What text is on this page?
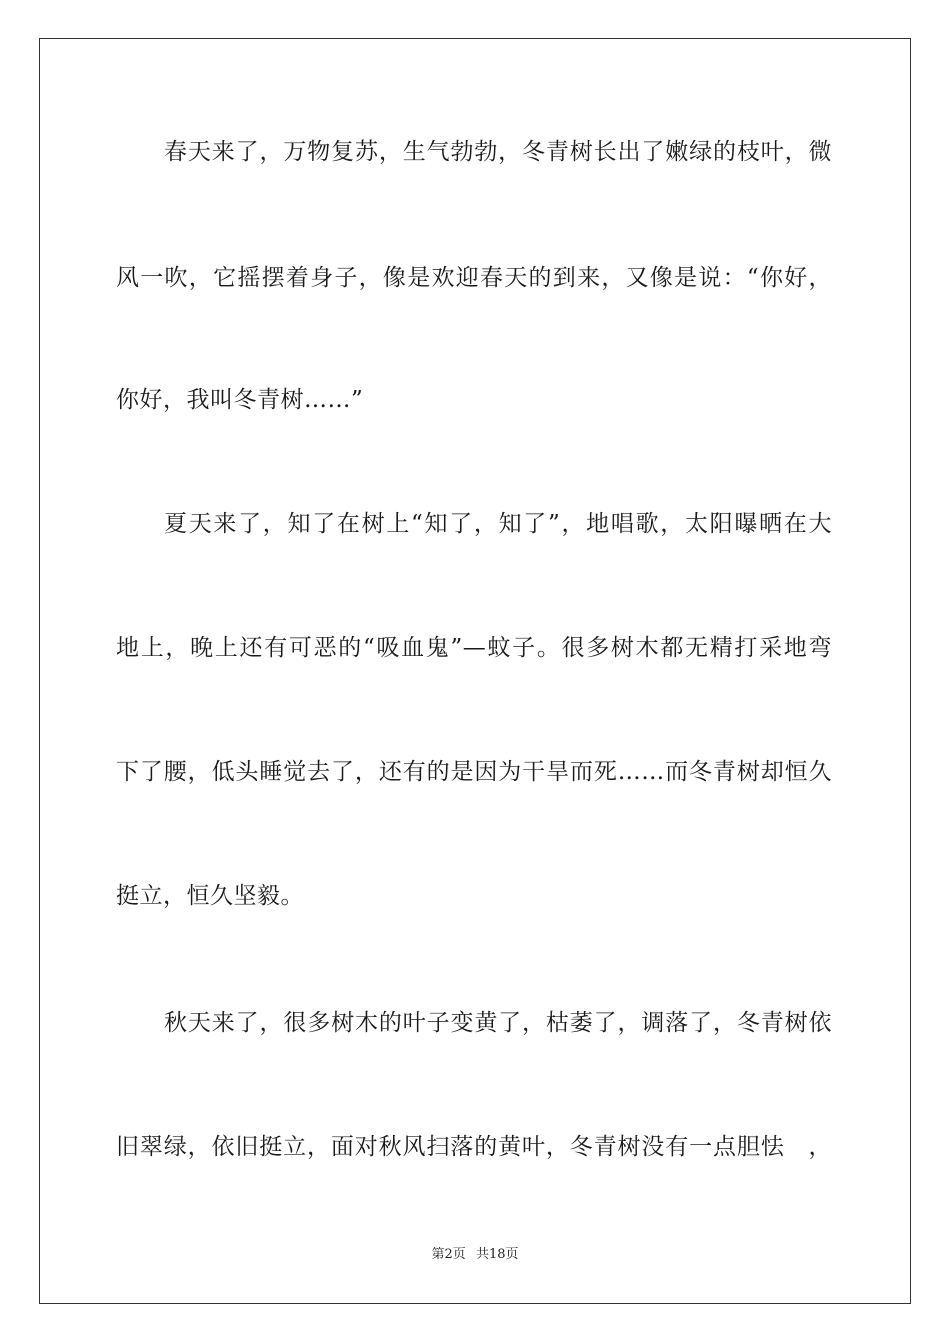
春天来了，万物复苏，生气勃勃，冬青树长出了嫩绿的枝叶，微
风一吹，它摇摆着身子，像是欢迎春天的到来，又像是说：“你好，
你好，我叫冬青树……”
夏天来了，知了在树上“知了，知了”，地唱歌，太阳曝晒在大
地上，晚上还有可恶的“吸血鬼”—蚊子。很多树木都无精打采地弯
下了腰，低头睡觉去了，还有的是因为干旱而死……而冬青树却恒久
挺立，恒久坚毅。
秋天来了，很多树木的叶子变黄了，枯萎了，调落了，冬青树依
旧翠绿，依旧挺立，面对秋风扫落的黄叶，冬青树没有一点胆怯　，
第2页 共18页
